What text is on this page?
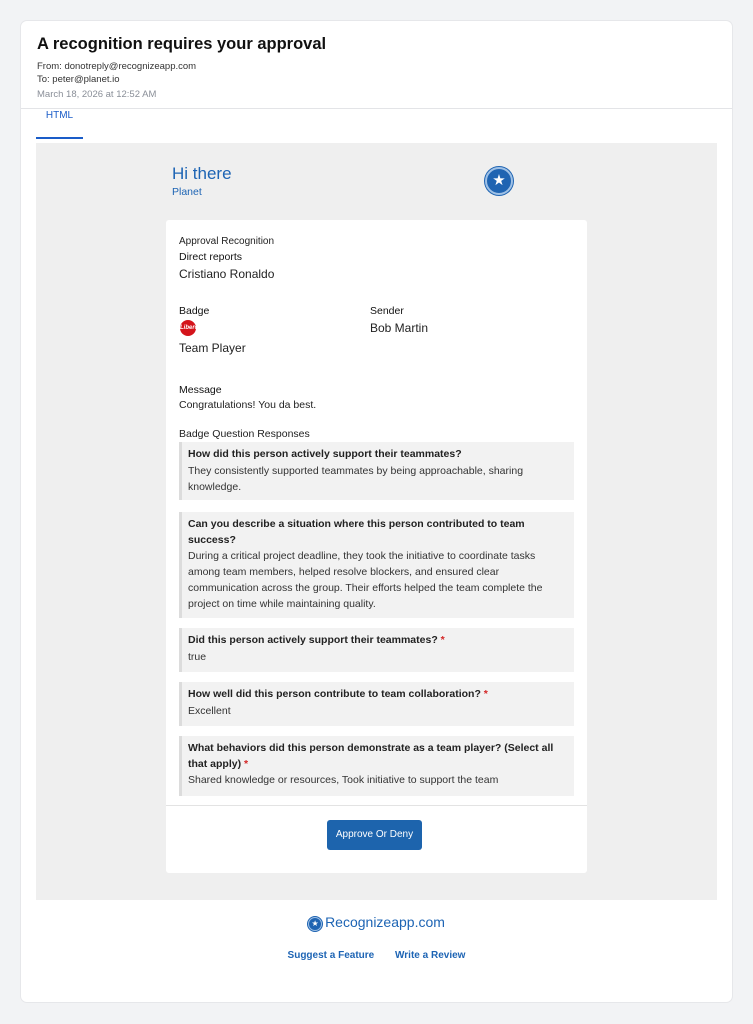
A recognition requires your approval
From: donotreply@recognizeapp.com
To: peter@planet.io
March 18, 2026 at 12:52 AM
HTML
Hi there
Planet
★
Approval Recognition
Direct reports
Cristiano Ronaldo
Badge
Libero
Team Player
Sender
Bob Martin
Message
Congratulations! You da best.
Badge Question Responses
How did this person actively support their teammates?
They consistently supported teammates by being approachable, sharing knowledge.
Can you describe a situation where this person contributed to team success?
During a critical project deadline, they took the initiative to coordinate tasks among team members, helped resolve blockers, and ensured clear communication across the group. Their efforts helped the team complete the project on time while maintaining quality.
Did this person actively support their teammates? *
true
How well did this person contribute to team collaboration? *
Excellent
What behaviors did this person demonstrate as a team player? (Select all that apply) *
Shared knowledge or resources, Took initiative to support the team
Approve Or Deny
★ Recognizeapp.com
Suggest a Feature Write a Review
